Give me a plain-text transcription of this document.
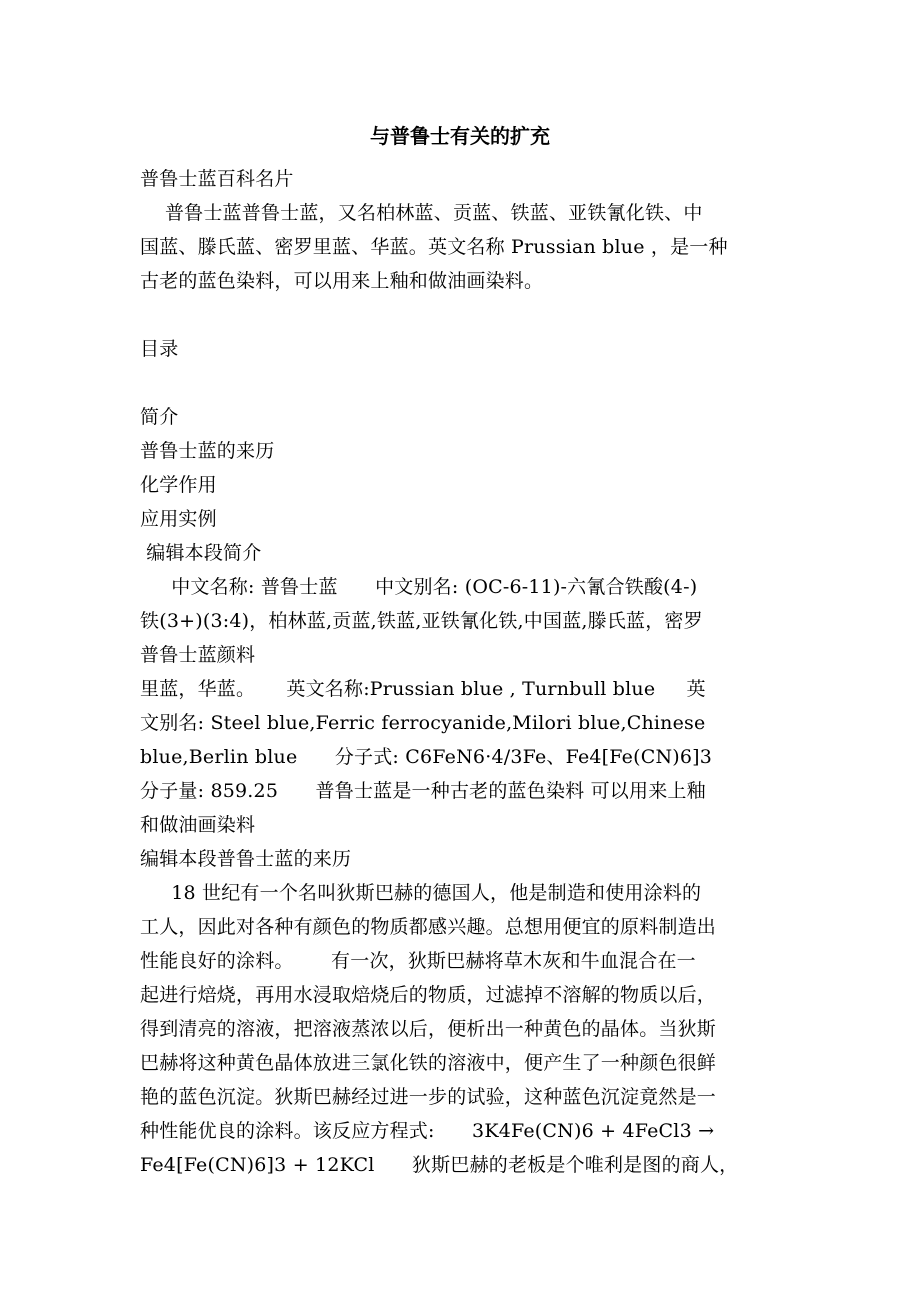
与普鲁士有关的扩充
普鲁士蓝百科名片
普鲁士蓝普鲁士蓝，又名柏林蓝、贡蓝、铁蓝、亚铁氰化铁、中
国蓝、滕氏蓝、密罗里蓝、华蓝。英文名称 Prussian blue ，是一种
古老的蓝色染料，可以用来上釉和做油画染料。
目录
简介
普鲁士蓝的来历
化学作用
应用实例
编辑本段简介
中文名称: 普鲁士蓝      中文别名: (OC-6-11)-六氰合铁酸(4-)
铁(3+)(3:4)，柏林蓝,贡蓝,铁蓝,亚铁氰化铁,中国蓝,滕氏蓝，密罗
普鲁士蓝颜料
里蓝，华蓝。     英文名称:Prussian blue , Turnbull blue     英
文别名: Steel blue,Ferric ferrocyanide,Milori blue,Chinese
blue,Berlin blue      分子式: C6FeN6·4/3Fe、Fe4[Fe(CN)6]3
分子量: 859.25      普鲁士蓝是一种古老的蓝色染料 可以用来上釉
和做油画染料
编辑本段普鲁士蓝的来历
18 世纪有一个名叫狄斯巴赫的德国人，他是制造和使用涂料的
工人，因此对各种有颜色的物质都感兴趣。总想用便宜的原料制造出
性能良好的涂料。      有一次，狄斯巴赫将草木灰和牛血混合在一
起进行焙烧，再用水浸取焙烧后的物质，过滤掉不溶解的物质以后，
得到清亮的溶液，把溶液蒸浓以后，便析出一种黄色的晶体。当狄斯
巴赫将这种黄色晶体放进三氯化铁的溶液中，便产生了一种颜色很鲜
艳的蓝色沉淀。狄斯巴赫经过进一步的试验，这种蓝色沉淀竟然是一
种性能优良的涂料。该反应方程式:      3K4Fe(CN)6 + 4FeCl3 →
Fe4[Fe(CN)6]3 + 12KCl      狄斯巴赫的老板是个唯利是图的商人，
